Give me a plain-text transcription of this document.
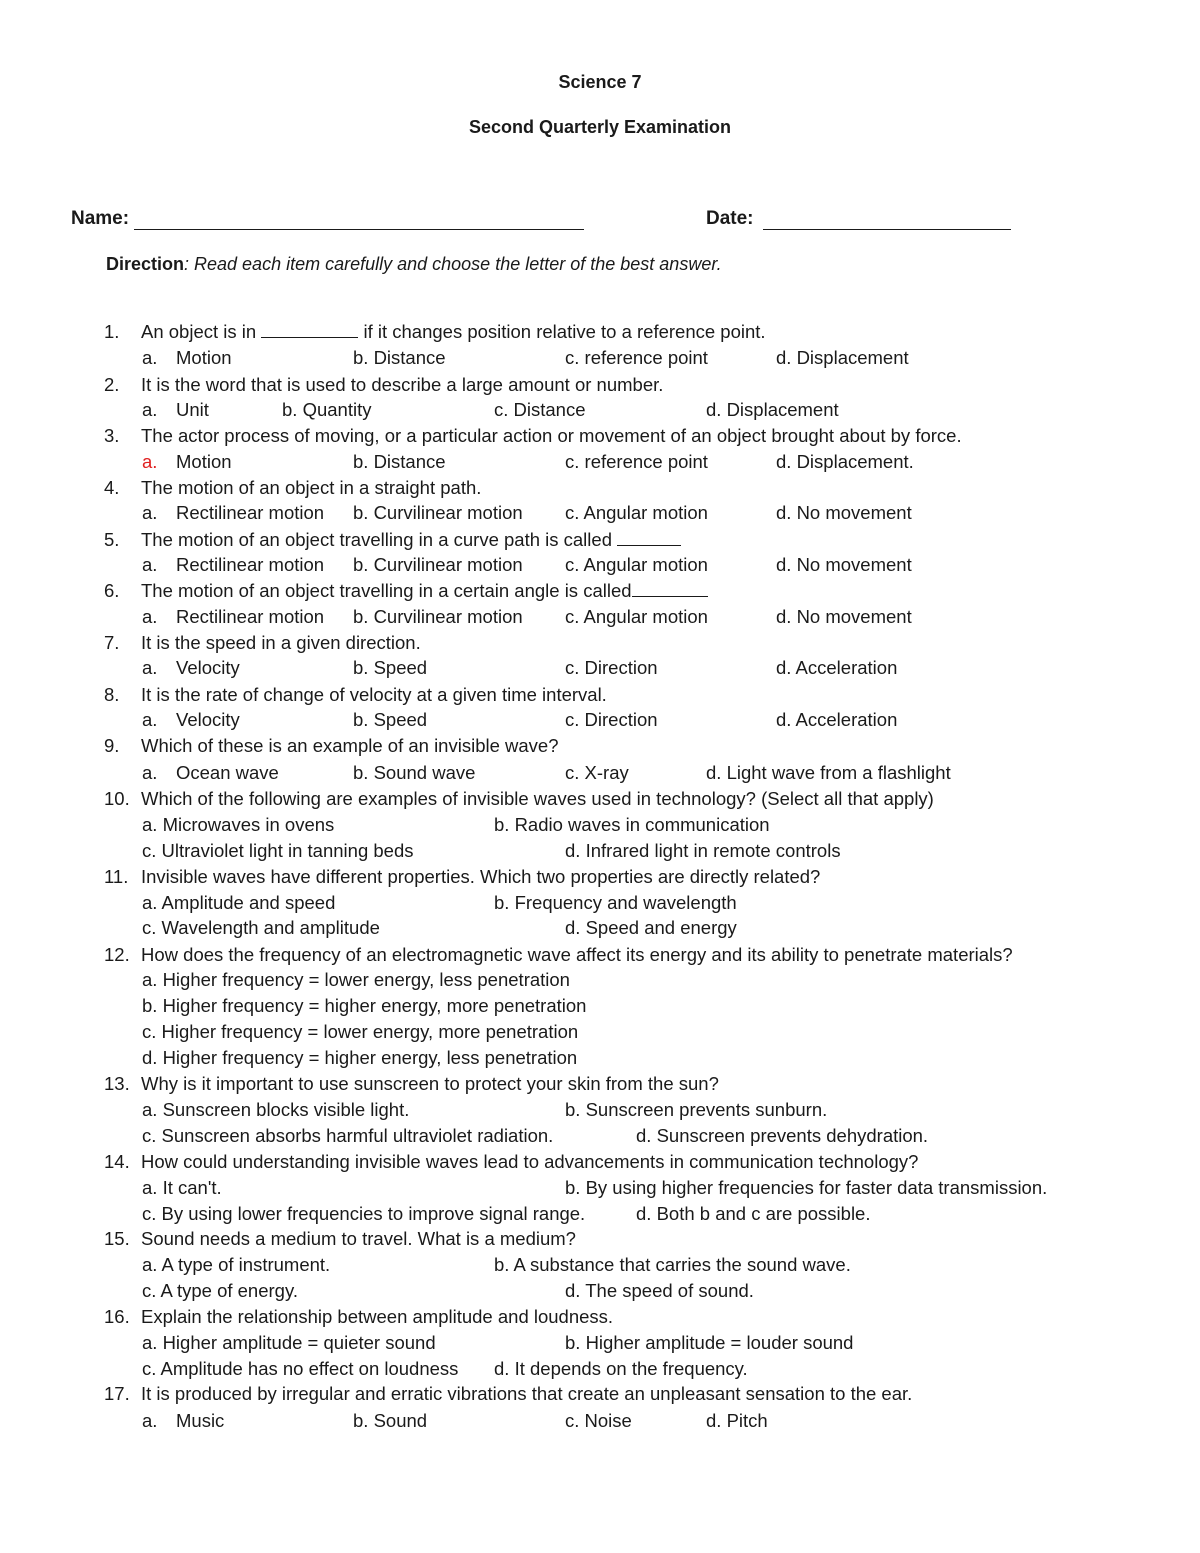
Science 7
Second Quarterly Examination
Name:	Date:
Direction: Read each item carefully and choose the letter of the best answer.
1. An object is in	if it changes position relative to a reference point.
a. Motion	b. Distance	c. reference point	d. Displacement
2. It is the word that is used to describe a large amount or number.
a. Unit	b. Quantity	c. Distance	d. Displacement
3. The actor process of moving, or a particular action or movement of an object brought about by force.
a. Motion	b. Distance	c. reference point	d. Displacement.
4. The motion of an object in a straight path.
a. Rectilinear motion b. Curvilinear motion c. Angular motion	d. No movement
5. The motion of an object travelling in a curve path is called
a. Rectilinear motion b. Curvilinear motion c. Angular motion	d. No movement
6. The motion of an object travelling in a certain angle is called
a. Rectilinear motion b. Curvilinear motion c. Angular motion	d. No movement
7. It is the speed in a given direction.
a. Velocity	b. Speed	c. Direction	d. Acceleration
8. It is the rate of change of velocity at a given time interval.
a. Velocity	b. Speed	c. Direction	d. Acceleration
9. Which of these is an example of an invisible wave?
a. Ocean wave	b. Sound wave	c. X-ray	d. Light wave from a flashlight
10. Which of the following are examples of invisible waves used in technology? (Select all that apply)
a. Microwaves in ovens	b. Radio waves in communication
c. Ultraviolet light in tanning beds	d. Infrared light in remote controls
11. Invisible waves have different properties. Which two properties are directly related?
a. Amplitude and speed	b. Frequency and wavelength
c. Wavelength and amplitude	d. Speed and energy
12. How does the frequency of an electromagnetic wave affect its energy and its ability to penetrate materials?
a. Higher frequency = lower energy, less penetration
b. Higher frequency = higher energy, more penetration
c. Higher frequency = lower energy, more penetration
d. Higher frequency = higher energy, less penetration
13. Why is it important to use sunscreen to protect your skin from the sun?
a. Sunscreen blocks visible light.	b. Sunscreen prevents sunburn.
c. Sunscreen absorbs harmful ultraviolet radiation.	d. Sunscreen prevents dehydration.
14. How could understanding invisible waves lead to advancements in communication technology?
a. It can't.	b. By using higher frequencies for faster data transmission.
c. By using lower frequencies to improve signal range.	d. Both b and c are possible.
15. Sound needs a medium to travel. What is a medium?
a. A type of instrument.	b. A substance that carries the sound wave.
c. A type of energy.	d. The speed of sound.
16. Explain the relationship between amplitude and loudness.
a. Higher amplitude = quieter sound	b. Higher amplitude = louder sound
c. Amplitude has no effect on loudness d. It depends on the frequency.
17. It is produced by irregular and erratic vibrations that create an unpleasant sensation to the ear.
a. Music	b. Sound	c. Noise	d. Pitch
